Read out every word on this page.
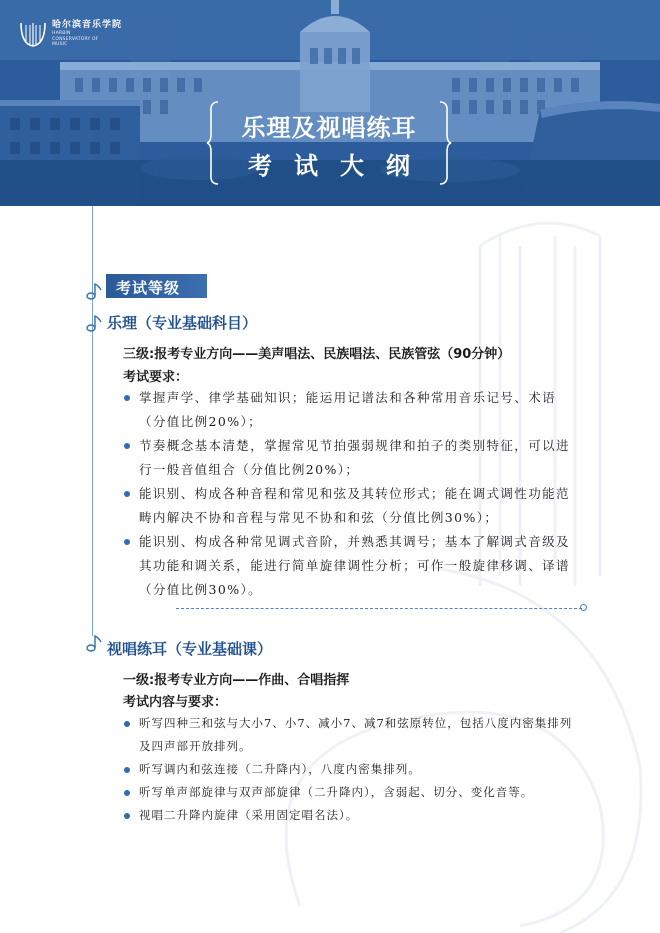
哈尔滨音乐学院
HARBIN CONSERVATORY OF MUSIC
乐理及视唱练耳
考试大纲
考试等级
乐理（专业基础科目）
三级:报考专业方向——美声唱法、民族唱法、民族管弦（90分钟）
考试要求：
掌握声学、律学基础知识；能运用记谱法和各种常用音乐记号、术语（分值比例20%）；
节奏概念基本清楚，掌握常见节拍强弱规律和拍子的类别特征，可以进行一般音值组合（分值比例20%）；
能识别、构成各种音程和常见和弦及其转位形式；能在调式调性功能范畴内解决不协和音程与常见不协和和弦（分值比例30%）；
能识别、构成各种常见调式音阶，并熟悉其调号；基本了解调式音级及其功能和调关系，能进行简单旋律调性分析；可作一般旋律移调、译谱（分值比例30%）。
视唱练耳（专业基础课）
一级:报考专业方向——作曲、合唱指挥
考试内容与要求：
听写四种三和弦与大小7、小7、减小7、减7和弦原转位，包括八度内密集排列及四声部开放排列。
听写调内和弦连接（二升降内），八度内密集排列。
听写单声部旋律与双声部旋律（二升降内），含弱起、切分、变化音等。
视唱二升降内旋律（采用固定唱名法）。
